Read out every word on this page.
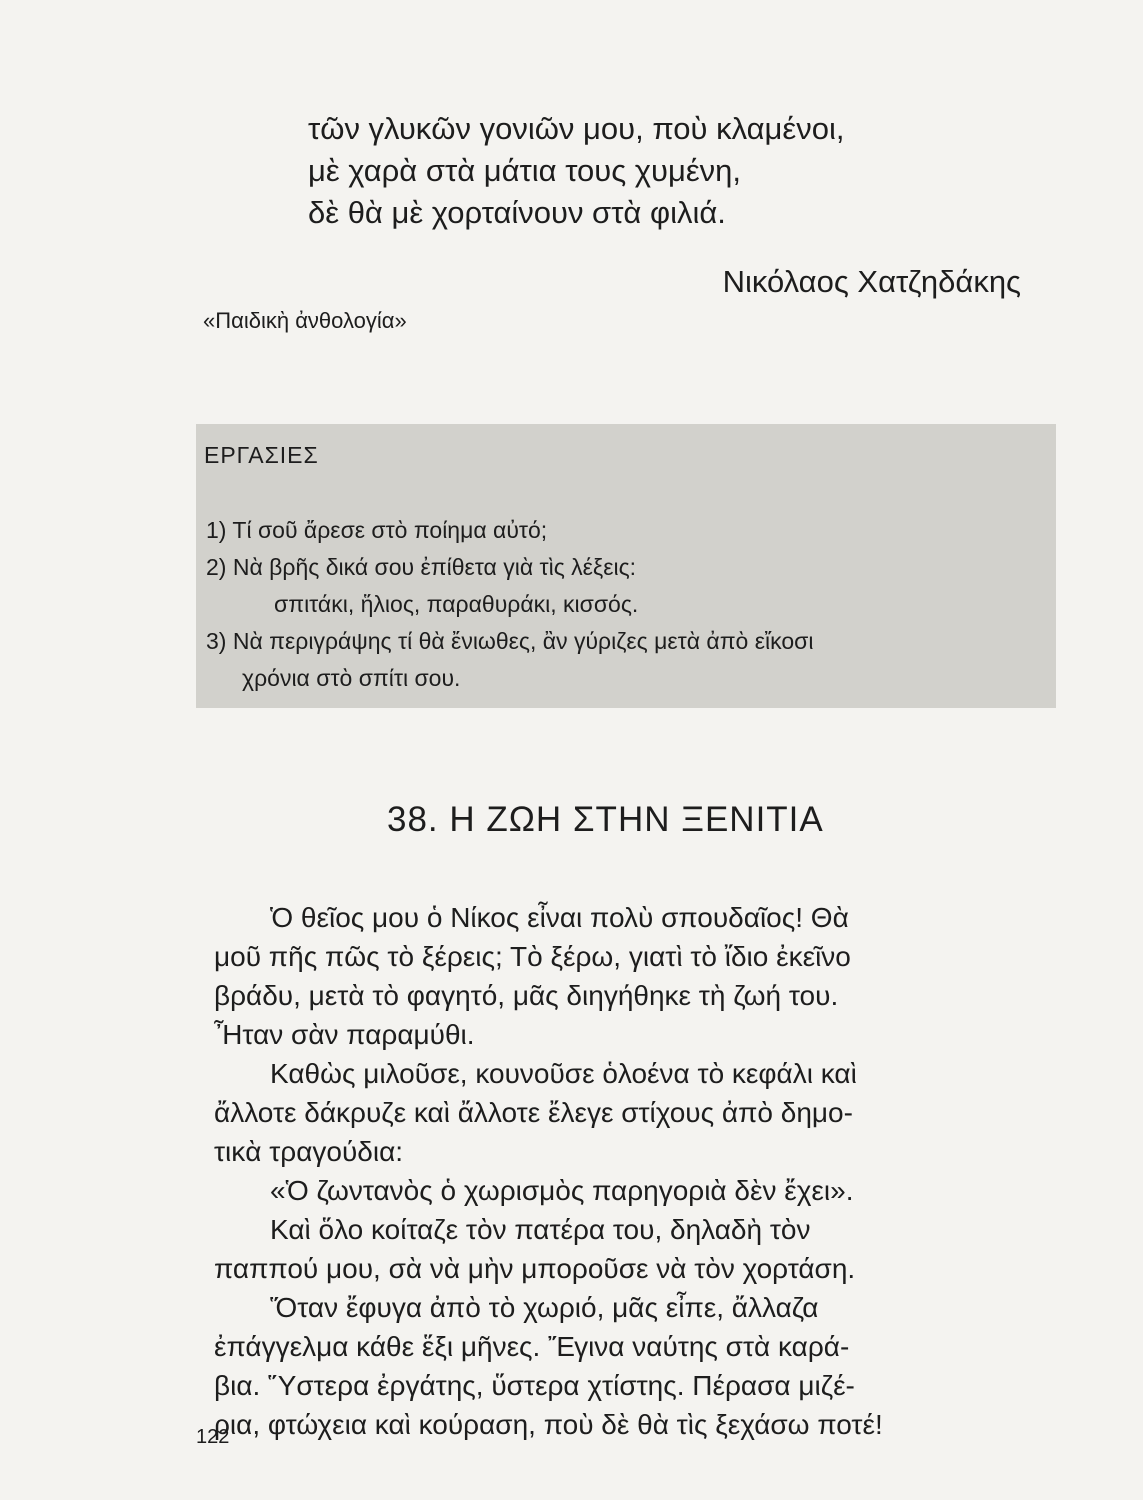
τῶν γλυκῶν γονιῶν μου, ποὺ κλαμένοι,
μὲ χαρὰ στὰ μάτια τους χυμένη,
δὲ θὰ μὲ χορταίνουν στὰ φιλιά.
Νικόλαος Χατζηδάκης
«Παιδικὴ ἀνθολογία»
ΕΡΓΑΣΙΕΣ
1) Τί σοῦ ἄρεσε στὸ ποίημα αὐτό;
2) Νὰ βρῆς δικά σου ἐπίθετα γιὰ τὶς λέξεις:
σπιτάκι, ἥλιος, παραθυράκι, κισσός.
3) Νὰ περιγράψης τί θὰ ἔνιωθες, ἂν γύριζες μετὰ ἀπὸ εἴκοσι
χρόνια στὸ σπίτι σου.
38. Η ΖΩΗ ΣΤΗΝ ΞΕΝΙΤΙΑ
Ὁ θεῖος μου ὁ Νίκος εἶναι πολὺ σπουδαῖος! Θὰ
μοῦ πῆς πῶς τὸ ξέρεις; Τὸ ξέρω, γιατὶ τὸ ἴδιο ἐκεῖνο
βράδυ, μετὰ τὸ φαγητό, μᾶς διηγήθηκε τὴ ζωή του.
Ἦταν σὰν παραμύθι.
Καθὼς μιλοῦσε, κουνοῦσε ὁλοένα τὸ κεφάλι καὶ
ἄλλοτε δάκρυζε καὶ ἄλλοτε ἔλεγε στίχους ἀπὸ δημο-
τικὰ τραγούδια:
«Ὁ ζωντανὸς ὁ χωρισμὸς παρηγοριὰ δὲν ἔχει».
Καὶ ὅλο κοίταζε τὸν πατέρα του, δηλαδὴ τὸν
παππού μου, σὰ νὰ μὴν μποροῦσε νὰ τὸν χορτάση.
Ὅταν ἔφυγα ἀπὸ τὸ χωριό, μᾶς εἶπε, ἄλλαζα
ἐπάγγελμα κάθε ἕξι μῆνες. Ἔγινα ναύτης στὰ καρά-
βια. Ὕστερα ἐργάτης, ὕστερα χτίστης. Πέρασα μιζέ-
ρια, φτώχεια καὶ κούραση, ποὺ δὲ θὰ τὶς ξεχάσω ποτέ!
122
